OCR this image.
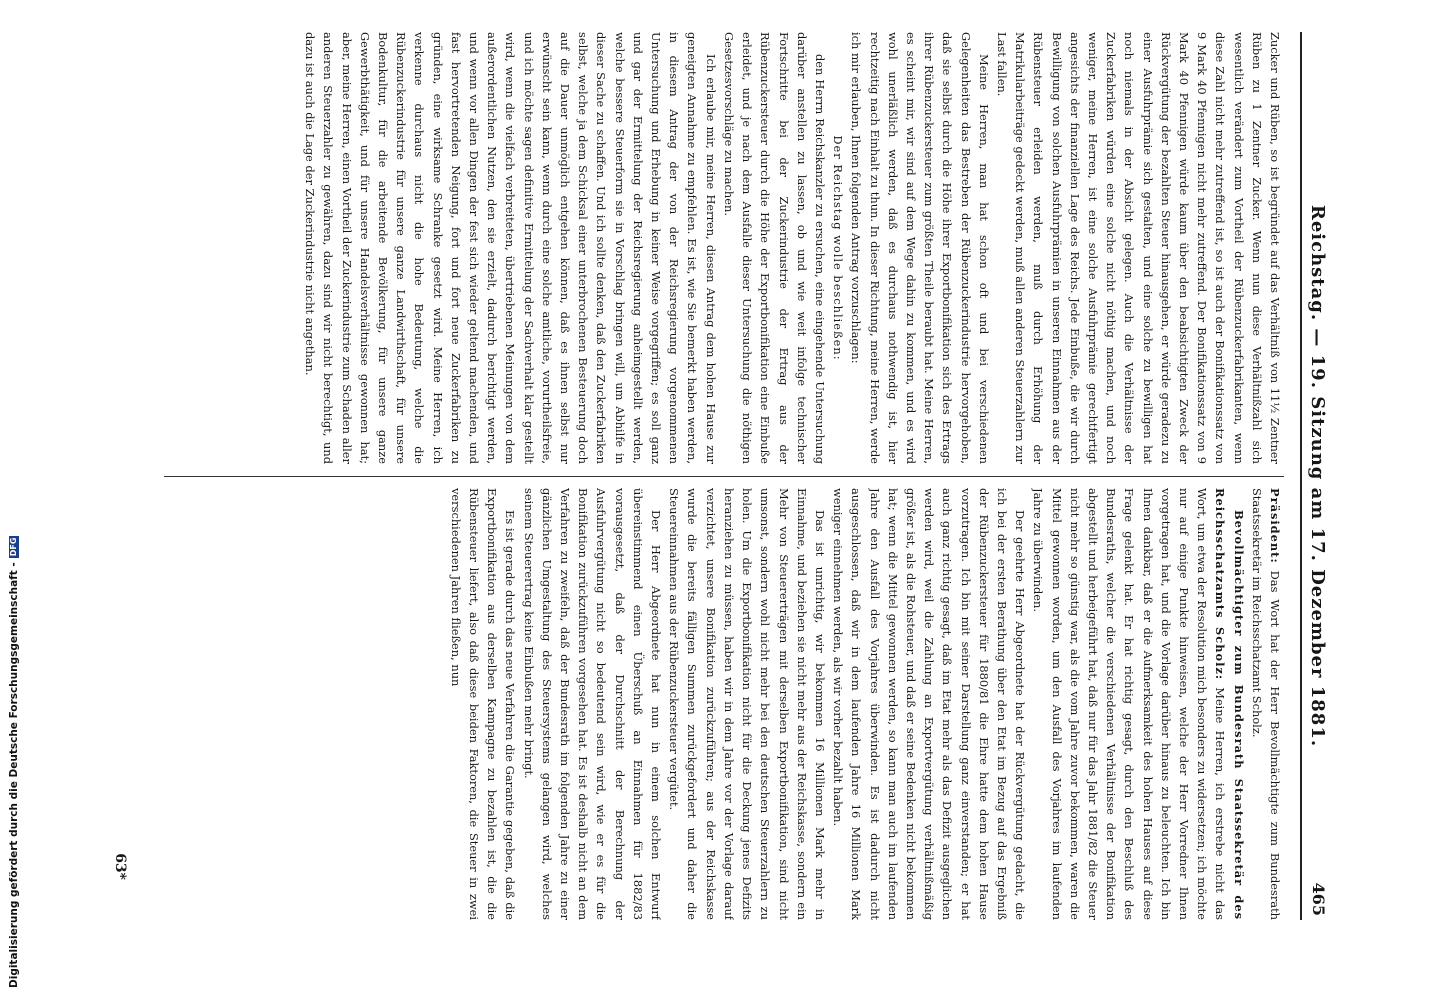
Reichstag. — 19. Sitzung am 17. Dezember 1881.
465

Zucker und Rüben, so ist begründet auf das Verhältniß von 11½ Zentner Rüben zu 1 Zentner Zucker. Wenn nun diese Verhältnißzahl sich wesentlich verändert zum Vortheil der Rübenzuckerfabrikanten, wenn diese Zahl nicht mehr zutreffend ist, so ist auch der Bonifikationssatz von 9 Mark 40 Pfennigen nicht mehr zutreffend. Der Bonifikationssatz von 9 Mark 40 Pfennigen würde kaum über den beabsichtigten Zweck der Rückvergütung der bezahlten Steuer hinausgehen, er würde geradezu zu einer Ausfuhrprämie sich gestalten, und eine solche zu bewilligen hat noch niemals in der Absicht gelegen. Auch die Verhältnisse der Zuckerfabriken würden eine solche nicht nöthig machen, und noch weniger, meine Herren, ist eine solche Ausfuhrprämie gerechtfertigt angesichts der finanziellen Lage des Reichs. Jede Einbuße, die wir durch Bewilligung von solchen Ausfuhrprämien in unseren Einnahmen aus der Rübensteuer erleiden werden, muß durch Erhöhung der Matrikularbeiträge gedeckt werden, muß allen anderen Steuerzahlern zur Last fallen.

Meine Herren, man hat schon oft und bei verschiedenen Gelegenheiten das Bestreben der Rübenzuckerindustrie hervorgehoben, daß sie selbst durch die Höhe ihrer Exportbonifikation sich des Ertrags ihrer Rübenzuckersteuer zum größten Theile beraubt hat. Meine Herren, es scheint mir, wir sind auf dem Wege dahin zu kommen, und es wird wohl unerläßlich werden, daß es durchaus nothwendig ist, hier rechtzeitig nach Einhalt zu thun. In dieser Richtung, meine Herren, werde ich mir erlauben, Ihnen folgenden Antrag vorzuschlagen:

Der Reichstag wolle beschließen:

den Herrn Reichskanzler zu ersuchen, eine eingehende Untersuchung darüber anstellen zu lassen, ob und wie weit infolge technischer Fortschritte bei der Zuckerindustrie der Ertrag aus der Rübenzuckersteuer durch die Höhe der Exportbonifikation eine Einbuße erleidet, und je nach dem Ausfalle dieser Untersuchung die nöthigen Gesetzesvorschläge zu machen.

Ich erlaube mir, meine Herren, diesen Antrag dem hohen Hause zur geneigten Annahme zu empfehlen. Es ist, wie Sie bemerkt haben werden, in diesem Antrag der von der Reichsregierung vorgenommenen Untersuchung und Erhebung in keiner Weise vorgegriffen; es soll ganz und gar der Ermittelung der Reichsregierung anheimgestellt werden, welche bessere Steuerform sie in Vorschlag bringen will, um Abhilfe in dieser Sache zu schaffen. Und ich sollte denken, daß den Zuckerfabriken selbst, welche ja dem Schicksal einer unterbrochenen Besteuerung doch auf die Dauer unmöglich entgehen können, daß es ihnen selbst nur erwünscht sein kann, wenn durch eine solche amtliche, vorurtheilsfreie, und ich möchte sagen definitive Ermittelung der Sachverhalt klar gestellt wird, wenn die vielfach verbreiteten, übertriebenen Meinungen von dem außerordentlichen Nutzen, den sie erzielt, dadurch berichtigt werden, und wenn vor allen Dingen der fest sich wieder geltend machenden, und fast hervortretenden Neigung, fort und fort neue Zuckerfabriken zu gründen, eine wirksame Schranke gesetzt wird. Meine Herren, ich verkenne durchaus nicht die hohe Bedeutung, welche die Rübenzuckerindustrie für unsere ganze Landwirthschaft, für unsere Bodenkultur, für die arbeitende Bevölkerung, für unsere ganze Gewerbthätigkeit, und für unsere Handelsverhältnisse gewonnen hat; aber, meine Herren, einen Vortheil der Zuckerindustrie zum Schaden aller anderen Steuerzahler zu gewähren, dazu sind wir nicht berechtigt, und dazu ist auch die Lage der Zuckerindustrie nicht angethan.

Präsident: Das Wort hat der Herr Bevollmächtigte zum Bundesrath Staatssekretär im Reichsschatzamt Scholz.

Bevollmächtigter zum Bundesrath Staatssekretär des Reichsschatzamts Scholz: Meine Herren, ich erstrebe nicht das Wort, um etwa der Resolution mich besonders zu widersetzen; ich möchte nur auf einige Punkte hinweisen, welche der Herr Vorredner Ihnen vorgetragen hat, und die Vorlage darüber hinaus zu beleuchten. Ich bin Ihnen dankbar, daß er die Aufmerksamkeit des hohen Hauses auf diese Frage gelenkt hat. Er hat richtig gesagt, durch den Beschluß des Bundesraths, welcher die verschiedenen Verhältnisse der Bonifikation abgestellt und herbeigeführt hat, daß nur für das Jahr 1881/82 die Steuer nicht mehr so günstig war, als die vom Jahre zuvor bekommen, waren die Mittel gewonnen worden, um den Ausfall des Vorjahres im laufenden Jahre zu überwinden.

Der geehrte Herr Abgeordnete hat der Rückvergütung gedacht, die ich bei der ersten Berathung über den Etat im Bezug auf das Ergebniß der Rübenzuckersteuer für 1880/81 die Ehre hatte dem hohen Hause vorzutragen. Ich bin mit seiner Darstellung ganz einverstanden; er hat auch ganz richtig gesagt, daß im Etat mehr als das Defizit ausgeglichen werden wird, weil die Zahlung an Exportvergütung verhältnißmäßig größer ist, als die Rohsteuer, und daß er seine Bedenken nicht bekommen hat; wenn die Mittel gewonnen werden, so kann man auch im laufenden Jahre den Ausfall des Vorjahres überwinden. Es ist dadurch nicht ausgeschlossen, daß wir in dem laufenden Jahre 16 Millionen Mark weniger einnehmen werden, als wir vorher bezahlt haben.

Das ist unrichtig, wir bekommen 16 Millionen Mark mehr in Einnahme, und beziehen sie nicht mehr aus der Reichskasse, sondern ein Mehr von Steuererträgen mit derselben Exportbonifikation, sind nicht umsonst, sondern wohl nicht mehr bei den deutschen Steuerzahlern zu holen. Um die Exportbonifikation nicht für die Deckung jenes Defizits heranziehen zu müssen, haben wir in dem Jahre vor der Vorlage darauf verzichtet, unsere Bonifikation zurückzuführen; aus der Reichskasse wurde die bereits fälligen Summen zurückgefordert und daher die Steuereinnahmen aus der Rübenzuckersteuer vergütet.

Der Herr Abgeordnete hat nun in einem solchen Entwurf übereinstimmend einen Überschuß an Einnahmen für 1882/83 vorausgesetzt, daß der Durchschnitt der Berechnung der Ausfuhrvergütung nicht so bedeutend sein wird, wie er es für die Bonifikation zurückzuführen vorgesehen hat. Es ist deshalb nicht an dem Verfahren zu zweifeln, daß der Bundesrath im folgenden Jahre zu einer gänzlichen Umgestaltung des Steuersystems gelangen wird, welches seinem Steuerertrag keine Einbußen mehr bringt.

Es ist gerade durch das neue Verfahren die Garantie gegeben, daß die Exportbonifikation aus derselben Kampagne zu bezahlen ist, die die Rübensteuer liefert, also daß diese beiden Faktoren, die Steuer in zwei verschiedenen Jahren fließen, nun

63*
Digitalisierung gefördert durch die Deutsche Forschungsgemeinschaft -DFG
